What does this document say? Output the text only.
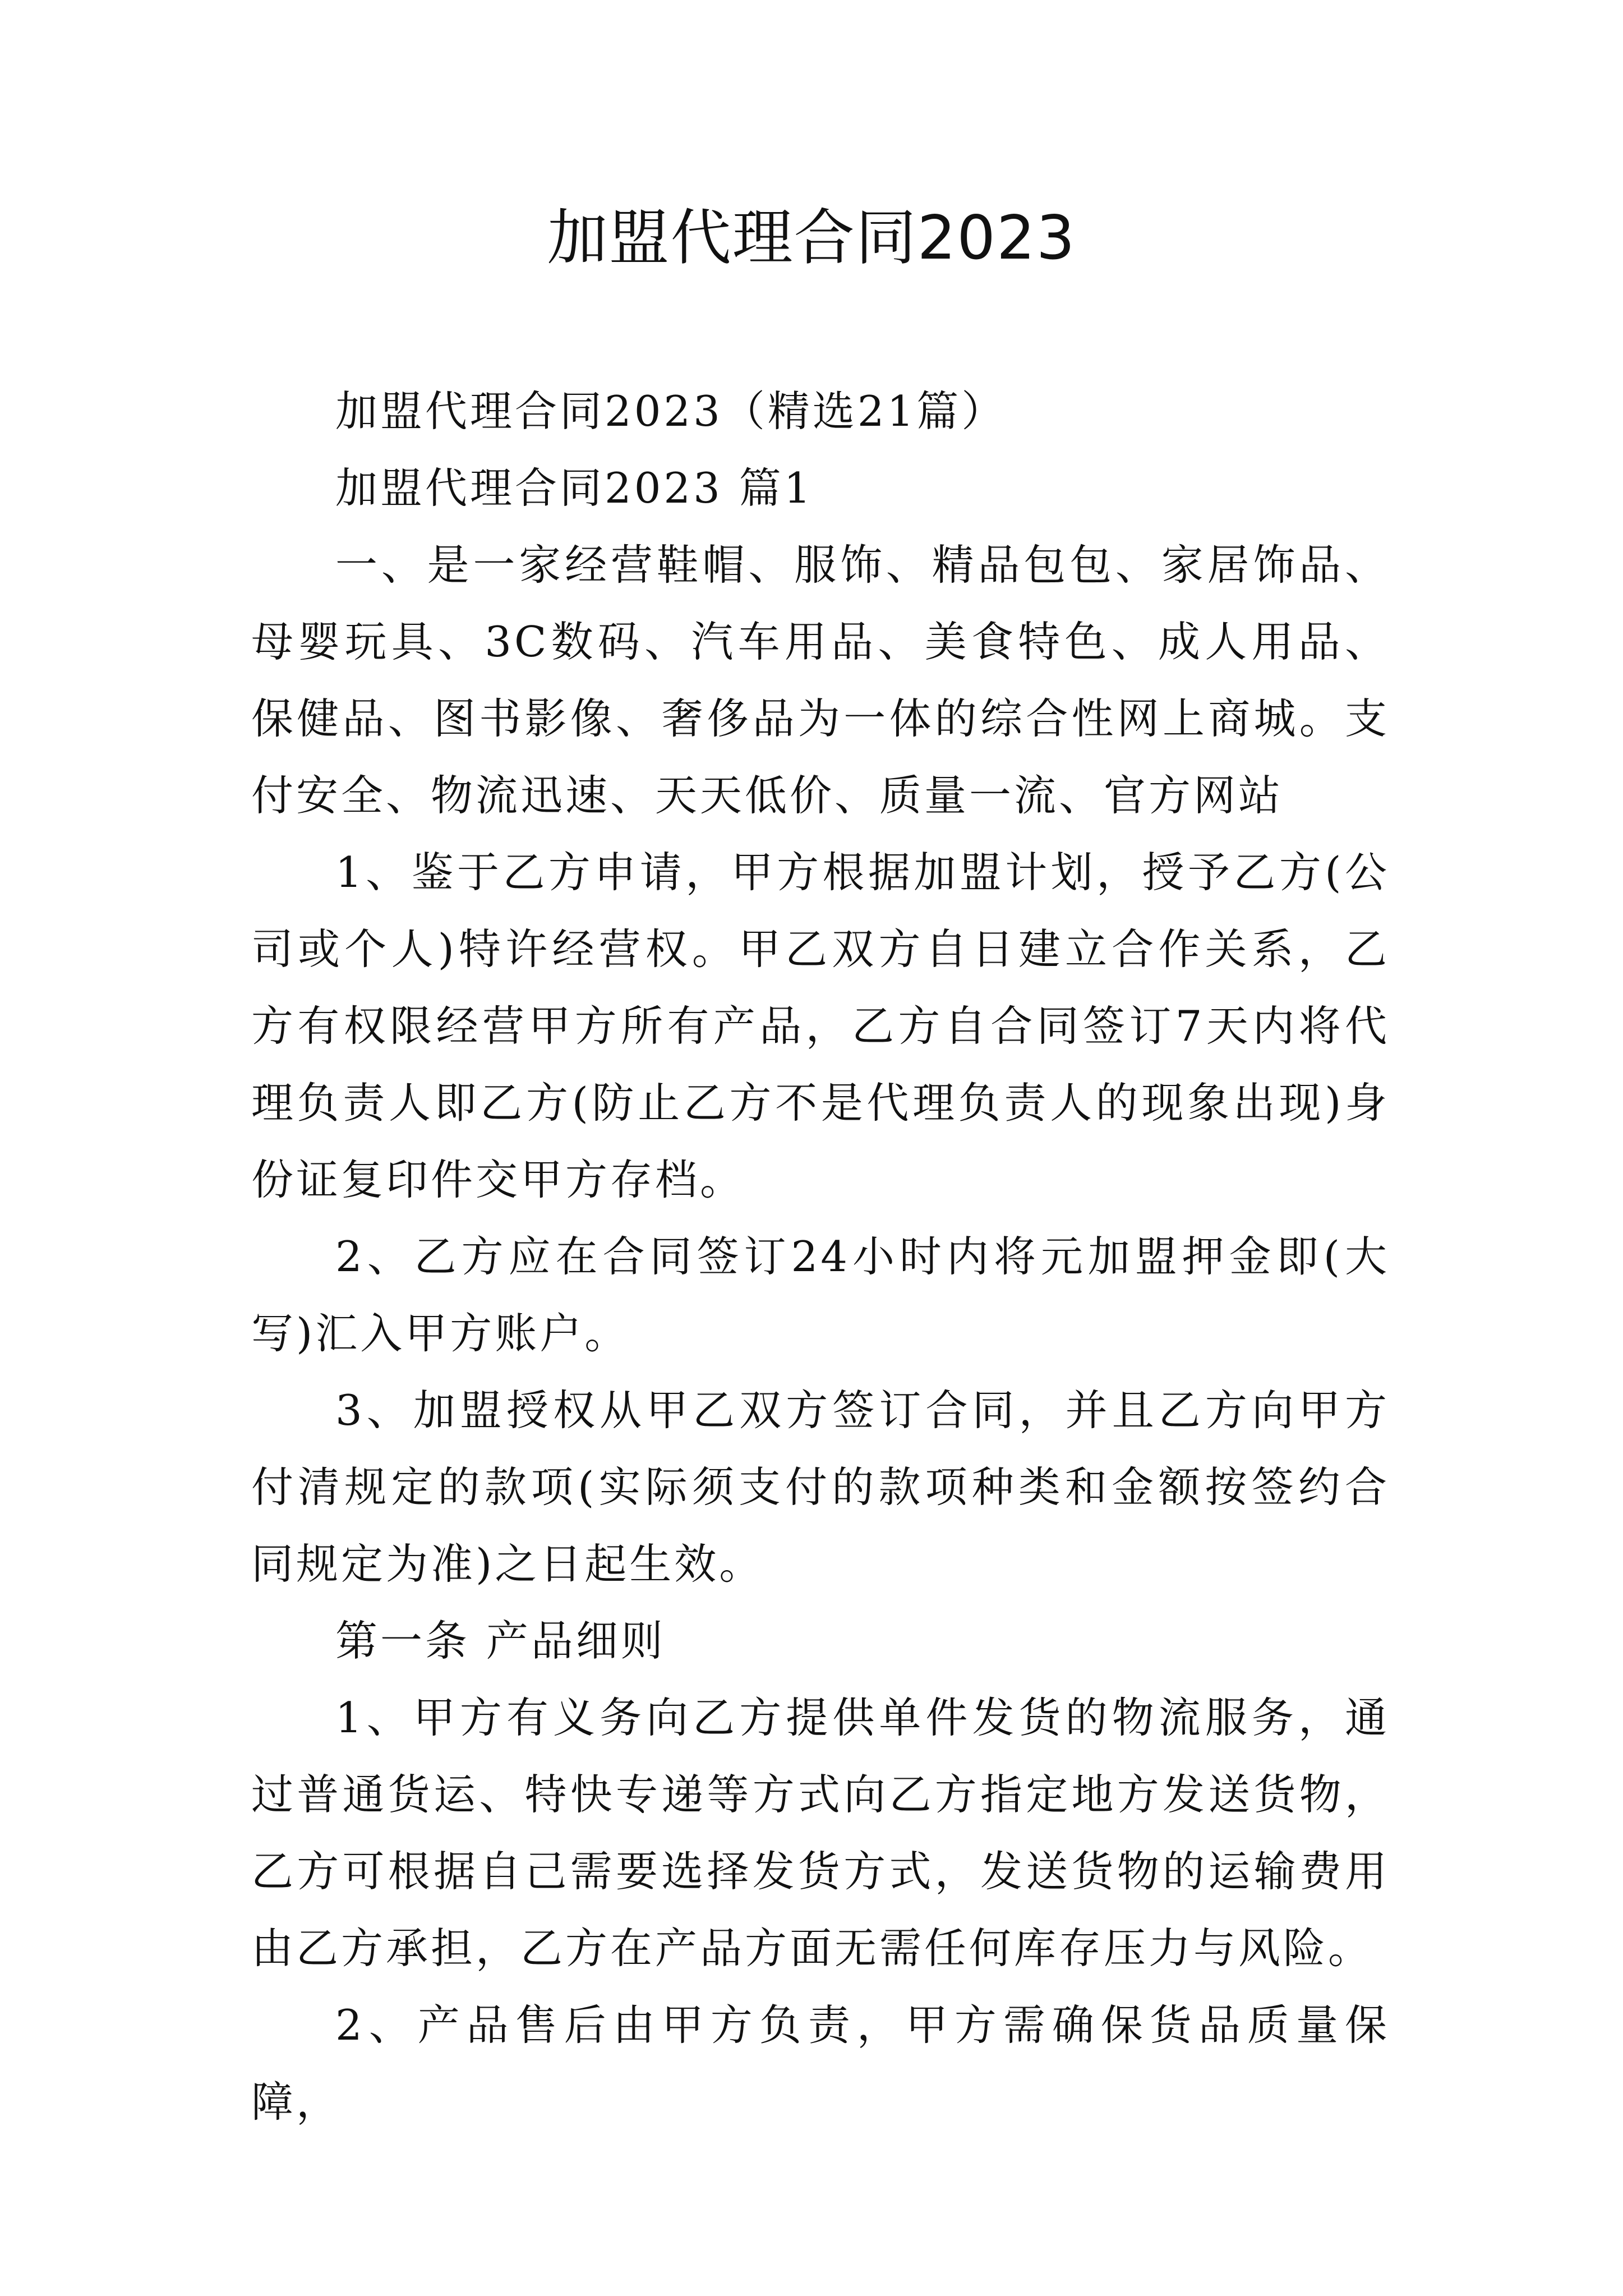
加盟代理合同2023

加盟代理合同2023（精选21篇）

加盟代理合同2023 篇1

一、是一家经营鞋帽、服饰、精品包包、家居饰品、母婴玩具、3C数码、汽车用品、美食特色、成人用品、保健品、图书影像、奢侈品为一体的综合性网上商城。支付安全、物流迅速、天天低价、质量一流、官方网站

1、鉴于乙方申请，甲方根据加盟计划，授予乙方(公司或个人)特许经营权。甲乙双方自日建立合作关系，乙方有权限经营甲方所有产品，乙方自合同签订7天内将代理负责人即乙方(防止乙方不是代理负责人的现象出现)身份证复印件交甲方存档。

2、乙方应在合同签订24小时内将元加盟押金即(大写)汇入甲方账户。

3、加盟授权从甲乙双方签订合同，并且乙方向甲方付清规定的款项(实际须支付的款项种类和金额按签约合同规定为准)之日起生效。

第一条 产品细则

1、甲方有义务向乙方提供单件发货的物流服务，通过普通货运、特快专递等方式向乙方指定地方发送货物，乙方可根据自己需要选择发货方式，发送货物的运输费用由乙方承担，乙方在产品方面无需任何库存压力与风险。

2、产品售后由甲方负责，甲方需确保货品质量保障，
